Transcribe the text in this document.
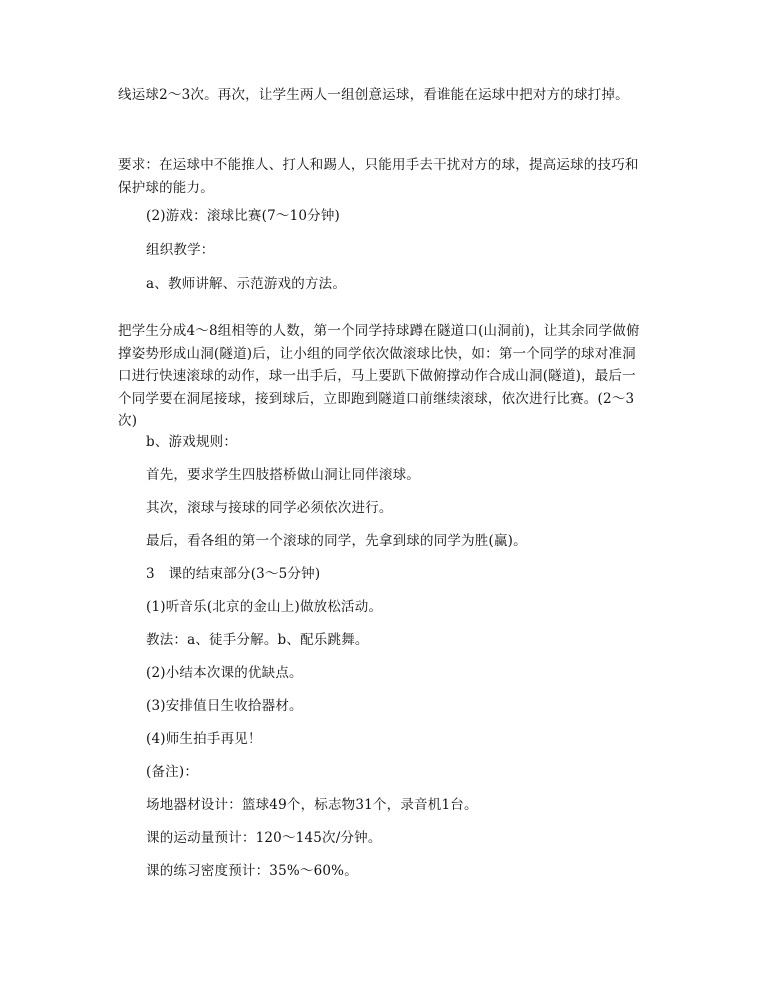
线运球2～3次。再次，让学生两人一组创意运球，看谁能在运球中把对方的球打掉。
要求：在运球中不能推人、打人和踢人，只能用手去干扰对方的球，提高运球的技巧和保护球的能力。
(2)游戏：滚球比赛(7～10分钟)
组织教学：
a、教师讲解、示范游戏的方法。
把学生分成4～8组相等的人数，第一个同学持球蹲在隧道口(山洞前)，让其余同学做俯撑姿势形成山洞(隧道)后，让小组的同学依次做滚球比快，如：第一个同学的球对准洞口进行快速滚球的动作，球一出手后，马上要趴下做俯撑动作合成山洞(隧道)，最后一个同学要在洞尾接球，接到球后，立即跑到隧道口前继续滚球，依次进行比赛。(2～3次)
b、游戏规则：
首先，要求学生四肢搭桥做山洞让同伴滚球。
其次，滚球与接球的同学必须依次进行。
最后，看各组的第一个滚球的同学，先拿到球的同学为胜(赢)。
3　课的结束部分(3～5分钟)
(1)听音乐(北京的金山上)做放松活动。
教法：a、徒手分解。b、配乐跳舞。
(2)小结本次课的优缺点。
(3)安排值日生收拾器材。
(4)师生拍手再见！
(备注)：
场地器材设计：篮球49个，标志物31个，录音机1台。
课的运动量预计：120～145次/分钟。
课的练习密度预计：35%～60%。
